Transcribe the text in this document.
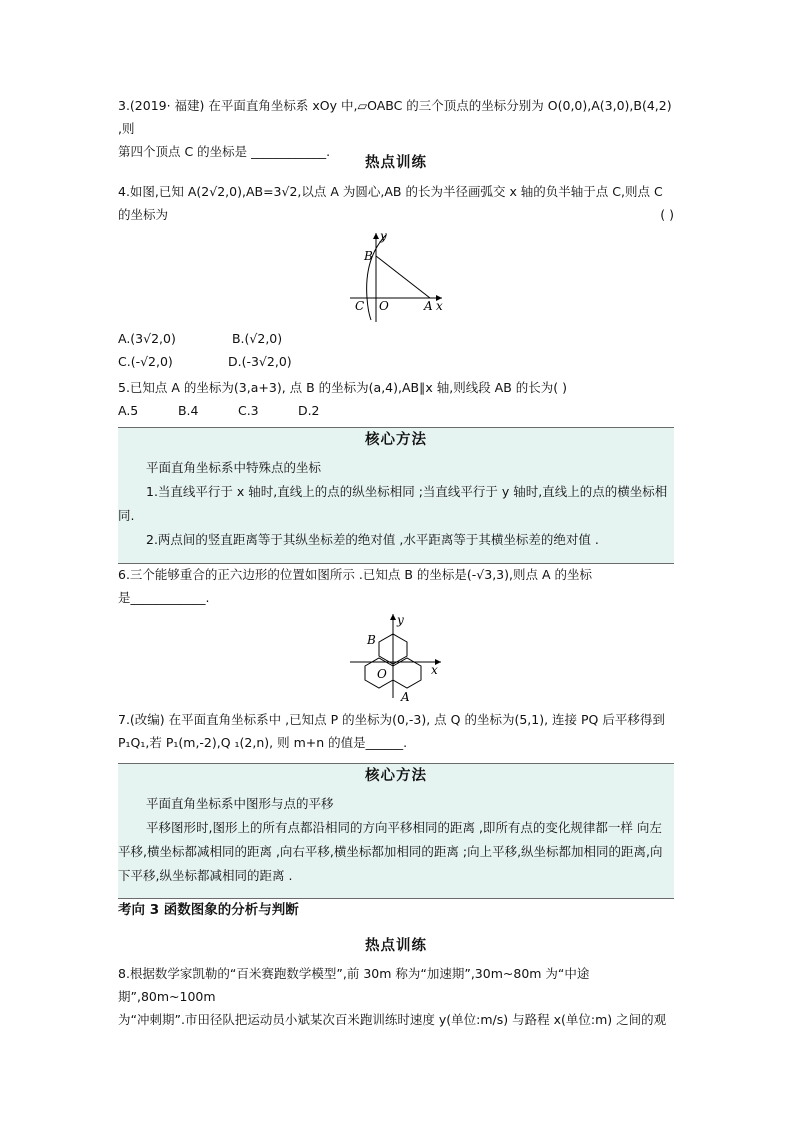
3.(2019· 福建) 在平面直角坐标系 xOy 中,▱OABC 的三个顶点的坐标分别为 O(0,0),A(3,0),B(4,2) ,则
第四个顶点 C 的坐标是 ____________.
热点训练
4.如图,已知 A(2√2,0),AB=3√2,以点 A 为圆心,AB 的长为半径画弧交 x 轴的负半轴于点 C,则点 C
的坐标为	( )
y
B
C O	A x
A.(3√2,0)	B.(√2,0)
C.(-√2,0)	D.(-3√2,0)
5.已知点 A 的坐标为(3,a+3), 点 B 的坐标为(a,4),AB∥x 轴,则线段 AB 的长为( )
A.5	B.4	C.3	D.2
核心方法

平面直角坐标系中特殊点的坐标

1.当直线平行于 x 轴时,直线上的点的纵坐标相同 ;当直线平行于 y 轴时,直线上的点的横坐标相同.

2.两点间的竖直距离等于其纵坐标差的绝对值 ,水平距离等于其横坐标差的绝对值 .

6.三个能够重合的正六边形的位置如图所示 .已知点 B 的坐标是(-√3,3),则点 A 的坐标
是____________.
y
B
O
A
x
7.(改编) 在平面直角坐标系中 ,已知点 P 的坐标为(0,-3), 点 Q 的坐标为(5,1), 连接 PQ 后平移得到
P₁Q₁,若 P₁(m,-2),Q ₁(2,n), 则 m+n 的值是______.
核心方法

平面直角坐标系中图形与点的平移

平移图形时,图形上的所有点都沿相同的方向平移相同的距离 ,即所有点的变化规律都一样 向左平移,横坐标都减相同的距离 ,向右平移,横坐标都加相同的距离 ;向上平移,纵坐标都加相同的距离,向下平移,纵坐标都减相同的距离 .

考向 3 函数图象的分析与判断
热点训练
8.根据数学家凯勒的“百米赛跑数学模型”,前 30m 称为“加速期”,30m~80m 为“中途期”,80m~100m
为“冲刺期”.市田径队把运动员小斌某次百米跑训练时速度 y(单位:m/s) 与路程 x(单位:m) 之间的观
